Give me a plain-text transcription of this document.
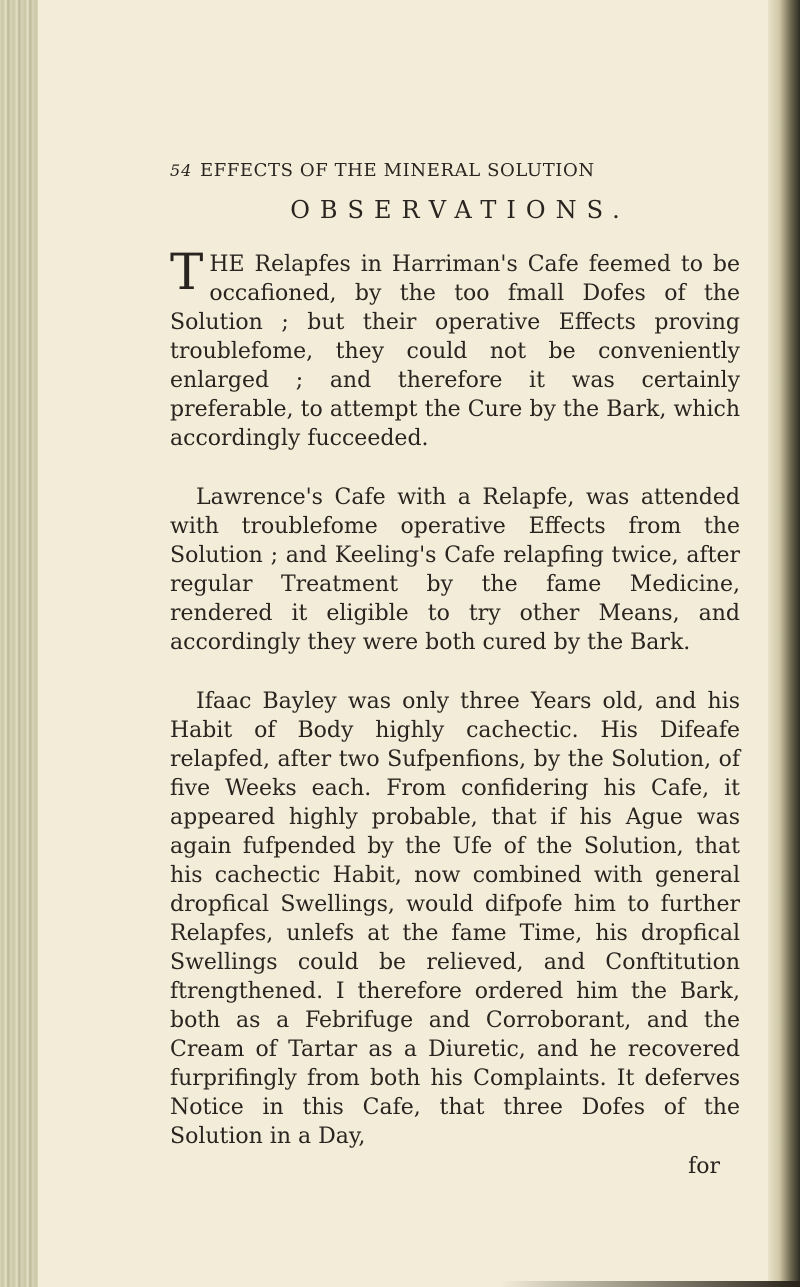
54 EFFECTS OF THE MINERAL SOLUTION
OBSERVATIONS.

THE Relapfes in Harriman's Cafe feemed to be occafioned, by the too fmall Dofes of the Solution ; but their operative Effects proving troublefome, they could not be conveniently enlarged ; and therefore it was certainly preferable, to attempt the Cure by the Bark, which accordingly fucceeded.

Lawrence's Cafe with a Relapfe, was attended with troublefome operative Effects from the Solution ; and Keeling's Cafe relapfing twice, after regular Treatment by the fame Medicine, rendered it eligible to try other Means, and accordingly they were both cured by the Bark.

Ifaac Bayley was only three Years old, and his Habit of Body highly cachectic. His Difeafe relapfed, after two Sufpenfions, by the Solution, of five Weeks each. From confidering his Cafe, it appeared highly probable, that if his Ague was again fufpended by the Ufe of the Solution, that his cachectic Habit, now combined with general dropfical Swellings, would difpofe him to further Relapfes, unlefs at the fame Time, his dropfical Swellings could be relieved, and Conftitution ftrengthened. I therefore ordered him the Bark, both as a Febrifuge and Corroborant, and the Cream of Tartar as a Diuretic, and he recovered furprifingly from both his Complaints. It deferves Notice in this Cafe, that three Dofes of the Solution in a Day,

for
